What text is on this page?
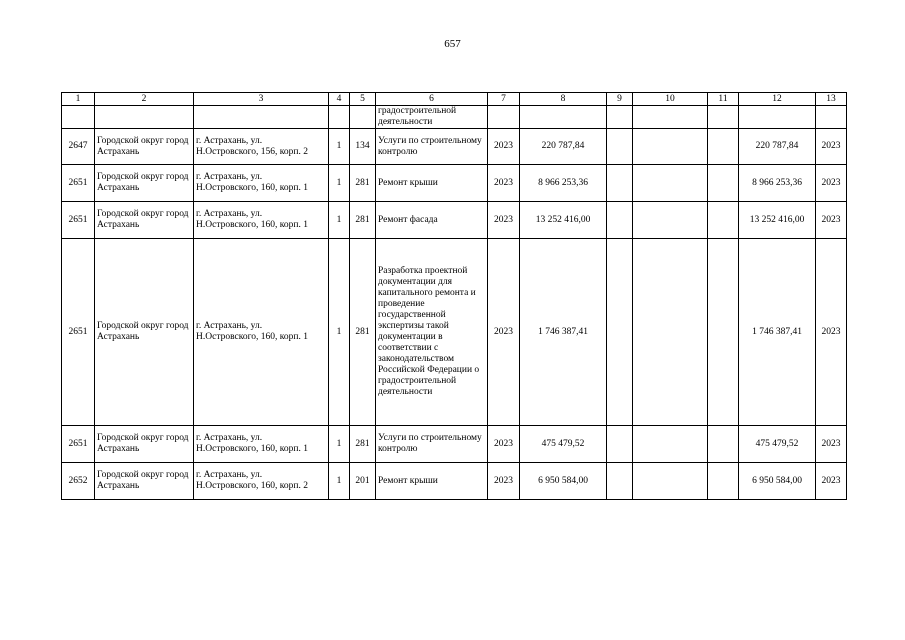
657
1	2	3	4	5	6	7	8	9	10	11	12	13
					градостроительной деятельности							
2647	Городской округ город Астрахань	г. Астрахань, ул. Н.Островского, 156, корп. 2	1	134	Услуги по строительному контролю	2023	220 787,84				220 787,84	2023
2651	Городской округ город Астрахань	г. Астрахань, ул. Н.Островского, 160, корп. 1	1	281	Ремонт крыши	2023	8 966 253,36				8 966 253,36	2023
2651	Городской округ город Астрахань	г. Астрахань, ул. Н.Островского, 160, корп. 1	1	281	Ремонт фасада	2023	13 252 416,00				13 252 416,00	2023
2651	Городской округ город Астрахань	г. Астрахань, ул. Н.Островского, 160, корп. 1	1	281	Разработка проектной документации для капитального ремонта и проведение государственной экспертизы такой документации в соответствии с законодательством Российской Федерации о градостроительной деятельности	2023	1 746 387,41				1 746 387,41	2023
2651	Городской округ город Астрахань	г. Астрахань, ул. Н.Островского, 160, корп. 1	1	281	Услуги по строительному контролю	2023	475 479,52				475 479,52	2023
2652	Городской округ город Астрахань	г. Астрахань, ул. Н.Островского, 160, корп. 2	1	201	Ремонт крыши	2023	6 950 584,00				6 950 584,00	2023
